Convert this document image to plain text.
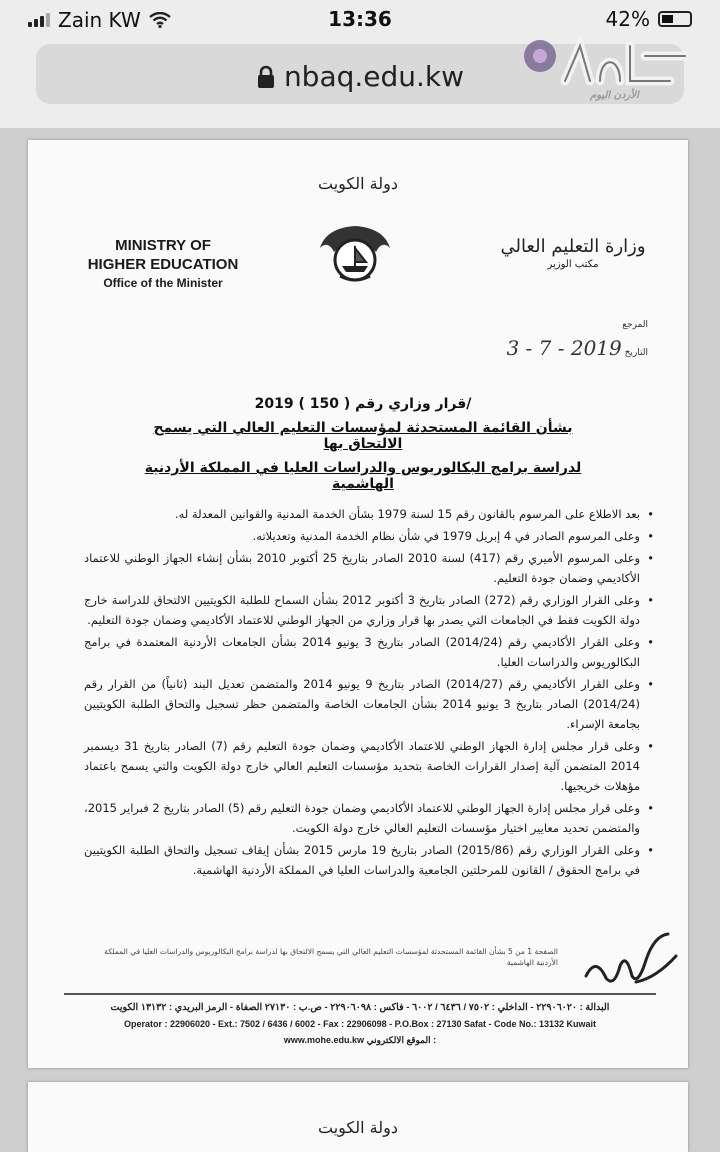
Zain KW	13:36	42%
nbaq.edu.kw
الأردن اليوم
دولة الكويت
MINISTRY OF
HIGHER EDUCATION
Office of the Minister
وزارة التعليم العالي
مكتب الوزير
المرجع
3 - 7 - 2019 التاريخ
قرار وزاري رقم ( 150 ) 2019/
بشأن القائمة المستحدثة لمؤسسات التعليم العالي التي يسمح الالتحاق بها
لدراسة برامج البكالوريوس والدراسات العليا في المملكة الأردنية الهاشمية
• بعد الاطلاع على المرسوم بالقانون رقم 15 لسنة 1979 بشأن الخدمة المدنية والقوانين المعدلة له.
• وعلى المرسوم الصادر في 4 إبريل 1979 في شأن نظام الخدمة المدنية وتعديلاته.
• وعلى المرسوم الأميري رقم (417) لسنة 2010 الصادر بتاريخ 25 أكتوبر 2010 بشأن إنشاء الجهاز الوطني للاعتماد الأكاديمي وضمان جودة التعليم.
• وعلى القرار الوزاري رقم (272) الصادر بتاريخ 3 أكتوبر 2012 بشأن السماح للطلبة الكويتيين الالتحاق للدراسة خارج دولة الكويت فقط في الجامعات التي يصدر بها قرار وزاري من الجهاز الوطني للاعتماد الأكاديمي وضمان جودة التعليم.
• وعلى القرار الأكاديمي رقم (2014/24) الصادر بتاريخ 3 يونيو 2014 بشأن الجامعات الأردنية المعتمدة في برامج البكالوريوس والدراسات العليا.
• وعلى القرار الأكاديمي رقم (2014/27) الصادر بتاريخ 9 يونيو 2014 والمتضمن تعديل البند (ثانياً) من القرار رقم (2014/24) الصادر بتاريخ 3 يونيو 2014 بشأن الجامعات الخاصة والمتضمن حظر تسجيل والتحاق الطلبة الكويتيين بجامعة الإسراء.
• وعلى قرار مجلس إدارة الجهاز الوطني للاعتماد الأكاديمي وضمان جودة التعليم رقم (7) الصادر بتاريخ 31 ديسمبر 2014 المتضمن آلية إصدار القرارات الخاصة بتحديد مؤسسات التعليم العالي خارج دولة الكويت والتي يسمح باعتماد مؤهلات خريجيها.
• وعلى قرار مجلس إدارة الجهاز الوطني للاعتماد الأكاديمي وضمان جودة التعليم رقم (5) الصادر بتاريخ 2 فبراير 2015، والمتضمن تحديد معايير اختيار مؤسسات التعليم العالي خارج دولة الكويت.
• وعلى القرار الوزاري رقم (2015/86) الصادر بتاريخ 19 مارس 2015 بشأن إيقاف تسجيل والتحاق الطلبة الكويتيين في برامج الحقوق / القانون للمرحلتين الجامعية والدراسات العليا في المملكة الأردنية الهاشمية.
الصفحة 1 من 5 بشأن القائمة المستحدثة لمؤسسات التعليم العالي التي يسمح الالتحاق بها لدراسة برامج البكالوريوس والدراسات العليا في المملكة الأردنية الهاشمية
البدالة : ٢٢٩٠٦٠٢٠ - الداخلي : ٧٥٠٢ / ٦٤٣٦ / ٦٠٠٢ - فاكس : ٢٢٩٠٦٠٩٨ - ص.ب : ٢٧١٣٠ الصفاة - الرمز البريدي : ١٣١٣٢ الكويت
Operator : 22906020 - Ext.: 7502 / 6436 / 6002 - Fax : 22906098 - P.O.Box : 27130 Safat - Code No.: 13132 Kuwait
www.mohe.edu.kw الموقع الالكتروني :
دولة الكويت
